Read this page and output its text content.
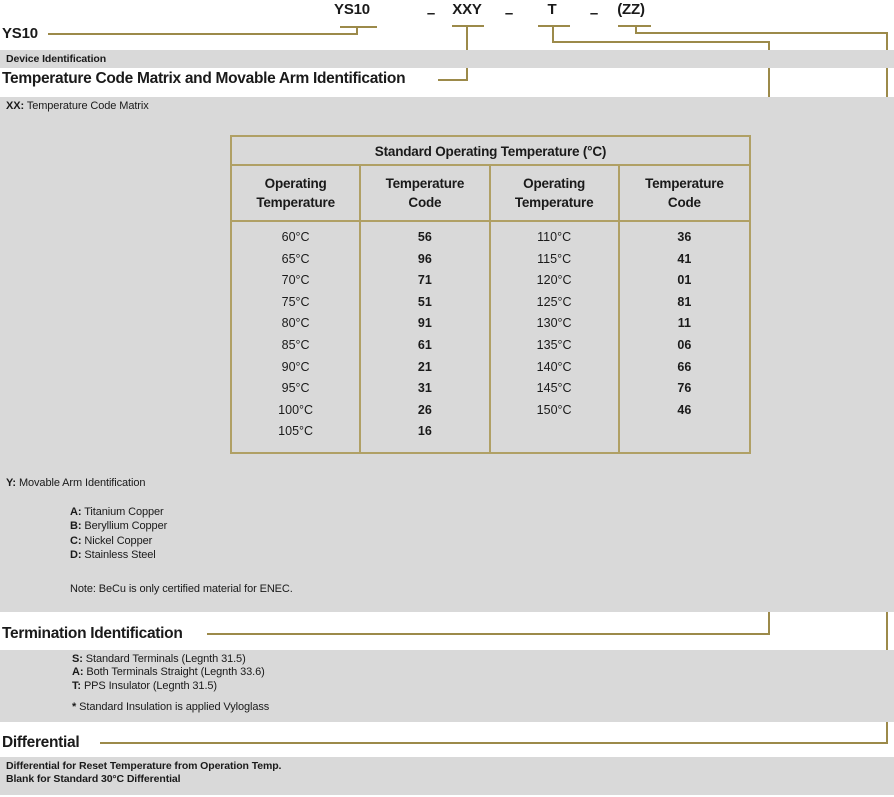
YS10	– XXY – T –	(ZZ)
YS10
Device Identification
Temperature Code Matrix and Movable Arm Identification
XX: Temperature Code Matrix
Standard Operating Temperature (°C)
Operating Temperature
Temperature Code
Operating Temperature
Temperature Code
60°C
65°C
70°C
75°C
80°C
85°C
90°C
95°C
100°C
105°C
56
96
71
51
91
61
21
31
26
16
110°C
115°C
120°C
125°C
130°C
135°C
140°C
145°C
150°C
36
41
01
81
11
06
66
76
46
Y: Movable Arm Identification
A: Titanium Copper
B: Beryllium Copper
C: Nickel Copper
D: Stainless Steel
Note: BeCu is only certified material for ENEC.
Termination Identification
S: Standard Terminals (Legnth 31.5)
A: Both Terminals Straight (Legnth 33.6)
T: PPS Insulator (Legnth 31.5)
* Standard Insulation is applied Vyloglass
Differential
Differential for Reset Temperature from Operation Temp.
Blank for Standard 30°C Differential
